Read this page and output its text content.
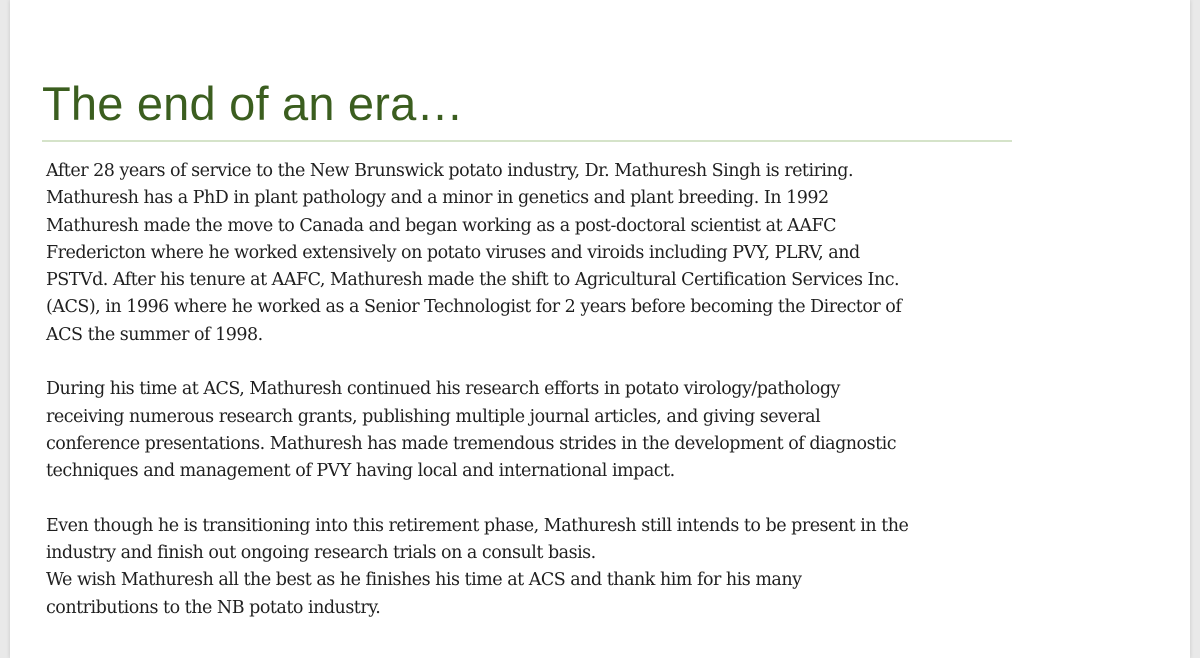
The end of an era…

After 28 years of service to the New Brunswick potato industry, Dr. Mathuresh Singh is retiring.
Mathuresh has a PhD in plant pathology and a minor in genetics and plant breeding. In 1992
Mathuresh made the move to Canada and began working as a post-doctoral scientist at AAFC
Fredericton where he worked extensively on potato viruses and viroids including PVY, PLRV, and
PSTVd. After his tenure at AAFC, Mathuresh made the shift to Agricultural Certification Services Inc.
(ACS), in 1996 where he worked as a Senior Technologist for 2 years before becoming the Director of
ACS the summer of 1998.

During his time at ACS, Mathuresh continued his research efforts in potato virology/pathology
receiving numerous research grants, publishing multiple journal articles, and giving several
conference presentations. Mathuresh has made tremendous strides in the development of diagnostic
techniques and management of PVY having local and international impact.

Even though he is transitioning into this retirement phase, Mathuresh still intends to be present in the
industry and finish out ongoing research trials on a consult basis.

We wish Mathuresh all the best as he finishes his time at ACS and thank him for his many
contributions to the NB potato industry.
